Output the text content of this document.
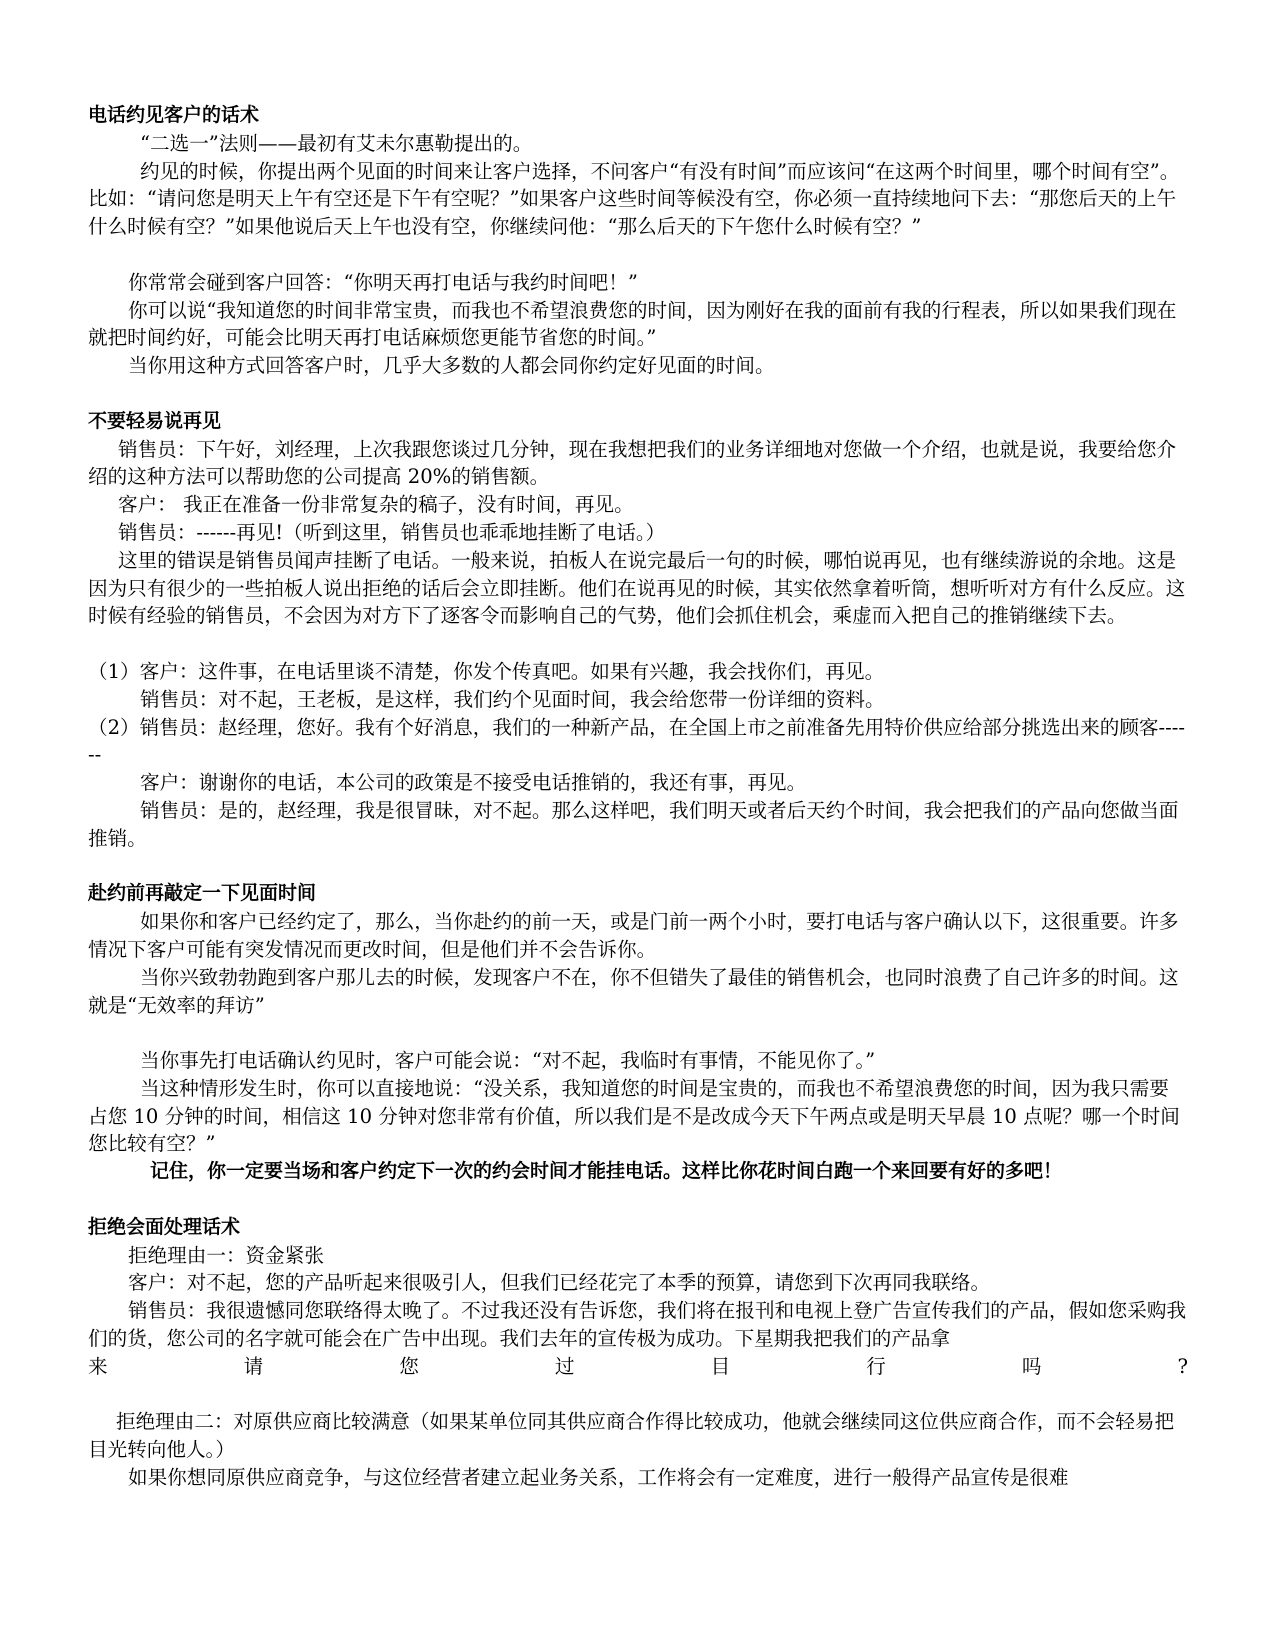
电话约见客户的话术

“二选一”法则——最初有艾未尔惠勒提出的。

约见的时候，你提出两个见面的时间来让客户选择，不问客户“有没有时间”而应该问“在这两个时间里，哪个时间有空”。比如：“请问您是明天上午有空还是下午有空呢？”如果客户这些时间等候没有空，你必须一直持续地问下去：“那您后天的上午什么时候有空？”如果他说后天上午也没有空，你继续问他：“那么后天的下午您什么时候有空？”

你常常会碰到客户回答：“你明天再打电话与我约时间吧！”

你可以说“我知道您的时间非常宝贵，而我也不希望浪费您的时间，因为刚好在我的面前有我的行程表，所以如果我们现在就把时间约好，可能会比明天再打电话麻烦您更能节省您的时间。”

当你用这种方式回答客户时，几乎大多数的人都会同你约定好见面的时间。

不要轻易说再见

销售员：下午好，刘经理，上次我跟您谈过几分钟，现在我想把我们的业务详细地对您做一个介绍，也就是说，我要给您介绍的这种方法可以帮助您的公司提高 20%的销售额。

客户： 我正在准备一份非常复杂的稿子，没有时间，再见。

销售员：------再见!（听到这里，销售员也乖乖地挂断了电话。）

这里的错误是销售员闻声挂断了电话。一般来说，拍板人在说完最后一句的时候，哪怕说再见，也有继续游说的余地。这是因为只有很少的一些拍板人说出拒绝的话后会立即挂断。他们在说再见的时候，其实依然拿着听筒，想听听对方有什么反应。这时候有经验的销售员，不会因为对方下了逐客令而影响自己的气势，他们会抓住机会，乘虚而入把自己的推销继续下去。

（1）客户：这件事，在电话里谈不清楚，你发个传真吧。如果有兴趣，我会找你们，再见。

销售员：对不起，王老板，是这样，我们约个见面时间，我会给您带一份详细的资料。

（2）销售员：赵经理，您好。我有个好消息，我们的一种新产品，在全国上市之前准备先用特价供应给部分挑选出来的顾客------

客户：谢谢你的电话，本公司的政策是不接受电话推销的，我还有事，再见。

销售员：是的，赵经理，我是很冒昧，对不起。那么这样吧，我们明天或者后天约个时间，我会把我们的产品向您做当面推销。

赴约前再敲定一下见面时间

如果你和客户已经约定了，那么，当你赴约的前一天，或是门前一两个小时，要打电话与客户确认以下，这很重要。许多情况下客户可能有突发情况而更改时间，但是他们并不会告诉你。

当你兴致勃勃跑到客户那儿去的时候，发现客户不在，你不但错失了最佳的销售机会，也同时浪费了自己许多的时间。这就是“无效率的拜访”

当你事先打电话确认约见时，客户可能会说：“对不起，我临时有事情，不能见你了。”

当这种情形发生时，你可以直接地说：“没关系，我知道您的时间是宝贵的，而我也不希望浪费您的时间，因为我只需要占您 10 分钟的时间，相信这 10 分钟对您非常有价值，所以我们是不是改成今天下午两点或是明天早晨 10 点呢？哪一个时间您比较有空？”

记住，你一定要当场和客户约定下一次的约会时间才能挂电话。这样比你花时间白跑一个来回要有好的多吧！

拒绝会面处理话术

拒绝理由一：资金紧张

客户：对不起，您的产品听起来很吸引人，但我们已经花完了本季的预算，请您到下次再同我联络。

销售员：我很遗憾同您联络得太晚了。不过我还没有告诉您，我们将在报刊和电视上登广告宣传我们的产品，假如您采购我们的货，您公司的名字就可能会在广告中出现。我们去年的宣传极为成功。下星期我把我们的产品拿

来	请	您	过	目	行	吗	?

拒绝理由二：对原供应商比较满意（如果某单位同其供应商合作得比较成功，他就会继续同这位供应商合作，而不会轻易把目光转向他人。）

如果你想同原供应商竞争，与这位经营者建立起业务关系，工作将会有一定难度，进行一般得产品宣传是很难
